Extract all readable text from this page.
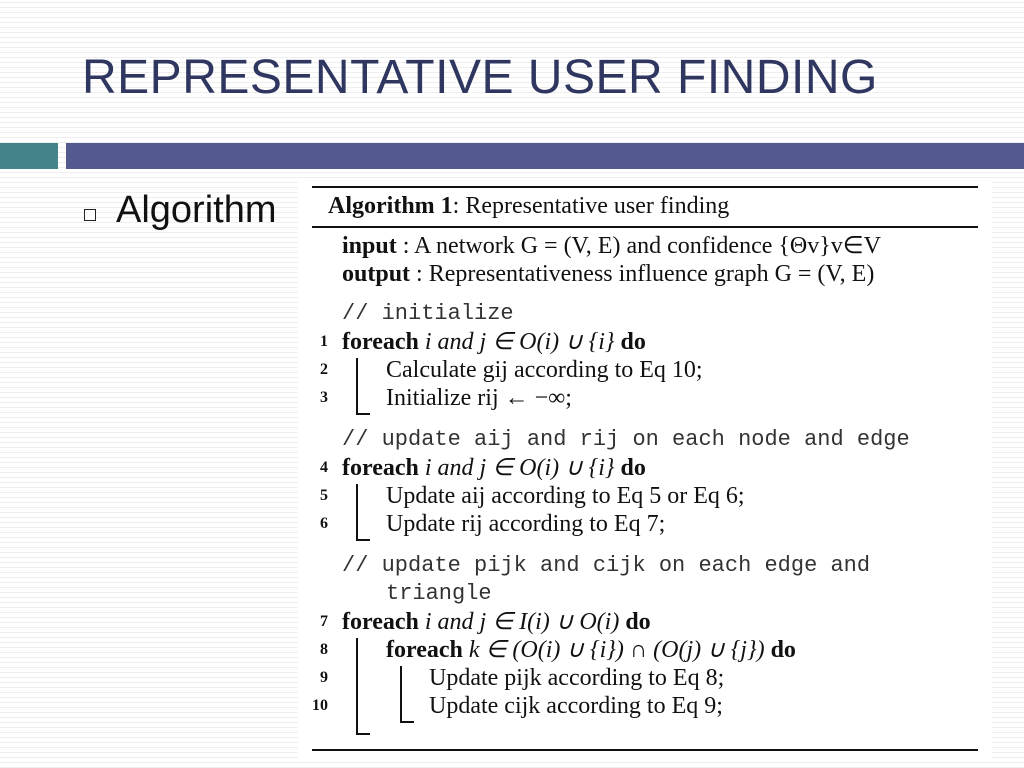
REPRESENTATIVE USER FINDING
Algorithm Algorithm 1: Representative user finding
input : A network G = (V, E) and confidence {Θv}v∈V
output : Representativeness influence graph G = (V, E)
// initialize
1 foreach i and j ∈ O(i) ∪ {i} do
2 Calculate gij according to Eq 10;
3 Initialize rij ← −∞;
// update aij and rij on each node and edge
4 foreach i and j ∈ O(i) ∪ {i} do
5 Update aij according to Eq 5 or Eq 6;
6 Update rij according to Eq 7;
// update pijk and cijk on each edge and
triangle
7 foreach i and j ∈ I(i) ∪ O(i) do
8 foreach k ∈ (O(i) ∪ {i}) ∩ (O(j) ∪ {j}) do
9	Update pijk according to Eq 8;
10	Update cijk according to Eq 9;
